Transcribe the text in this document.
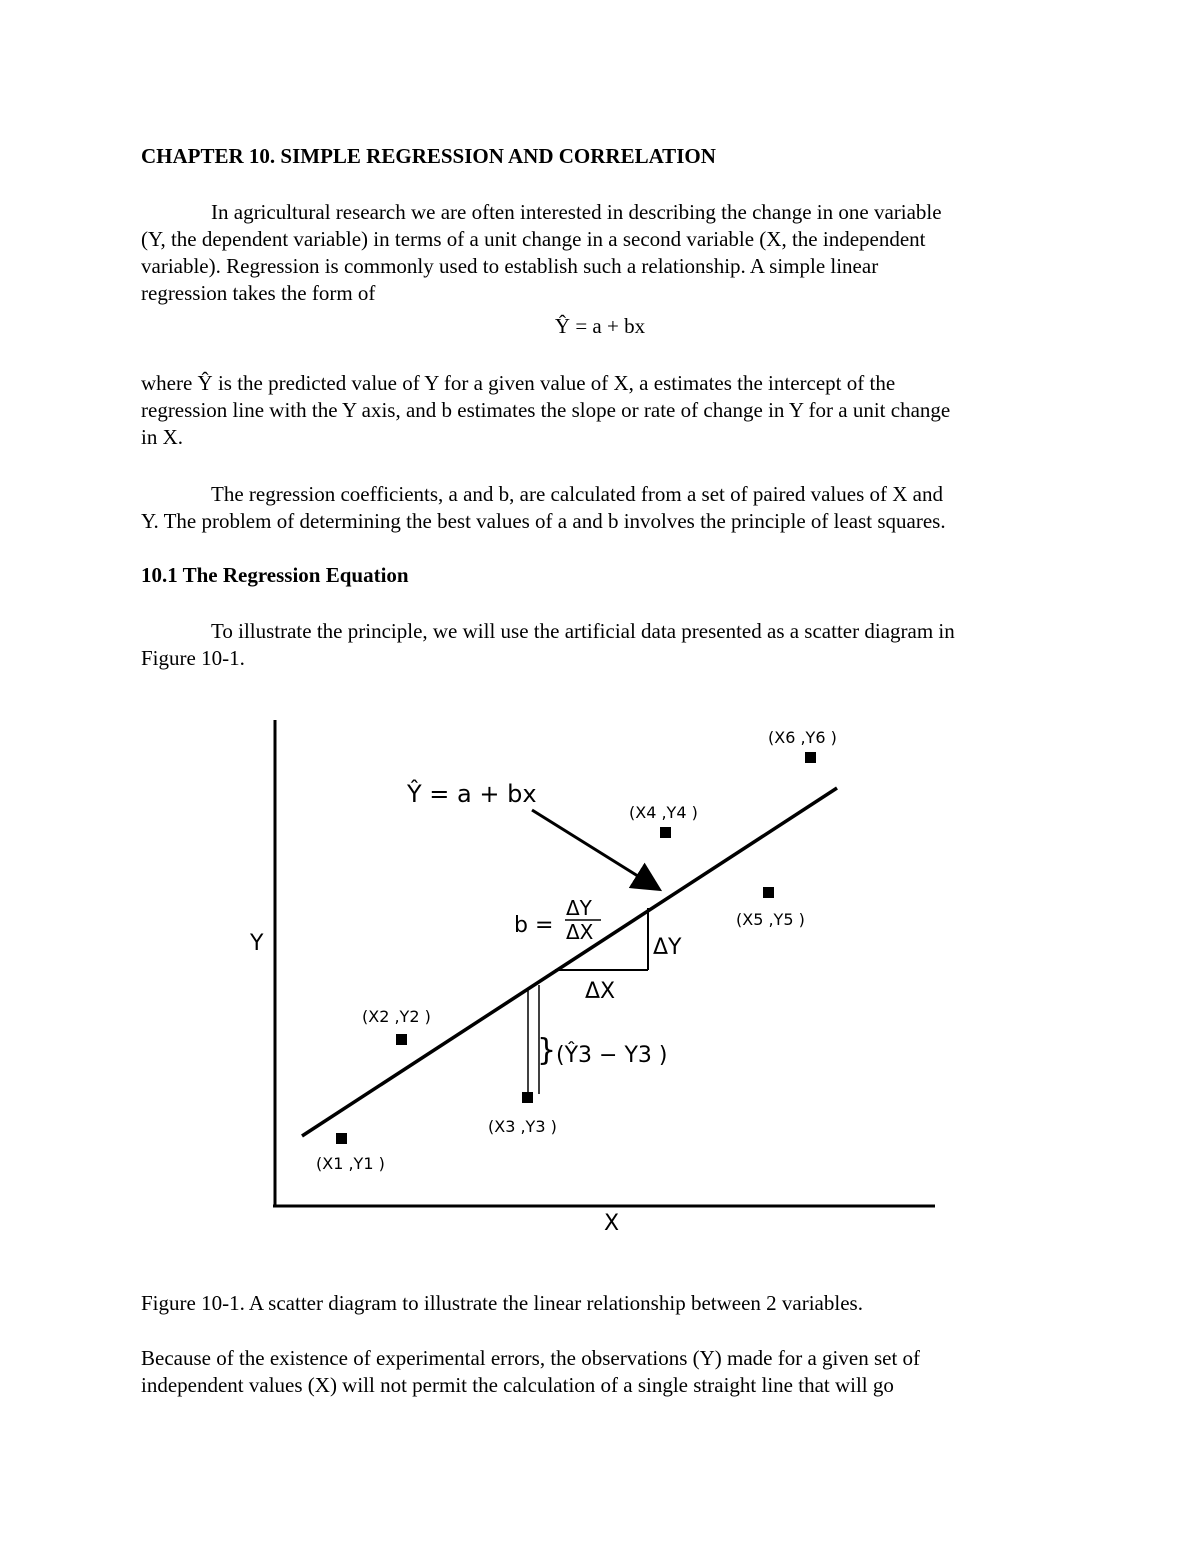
CHAPTER 10. SIMPLE REGRESSION AND CORRELATION
In agricultural research we are often interested in describing the change in one variable
(Y, the dependent variable) in terms of a unit change in a second variable (X, the independent
variable). Regression is commonly used to establish such a relationship. A simple linear
regression takes the form of
Ŷ = a + bx
where Ŷ is the predicted value of Y for a given value of X, a estimates the intercept of the
regression line with the Y axis, and b estimates the slope or rate of change in Y for a unit change
in X.
The regression coefficients, a and b, are calculated from a set of paired values of X and
Y. The problem of determining the best values of a and b involves the principle of least squares.
10.1 The Regression Equation
To illustrate the principle, we will use the artificial data presented as a scatter diagram in
Figure 10-1.
Y
X
Ŷ = a + bx
ΔY
ΔX
b =
ΔY
ΔX
} (Ŷ3 − Y3 )
(X1 ,Y1 )
(X2 ,Y2 )
(X3 ,Y3 )
(X4 ,Y4 )
(X5 ,Y5 )
(X6 ,Y6 )
Figure 10-1. A scatter diagram to illustrate the linear relationship between 2 variables.
Because of the existence of experimental errors, the observations (Y) made for a given set of
independent values (X) will not permit the calculation of a single straight line that will go
